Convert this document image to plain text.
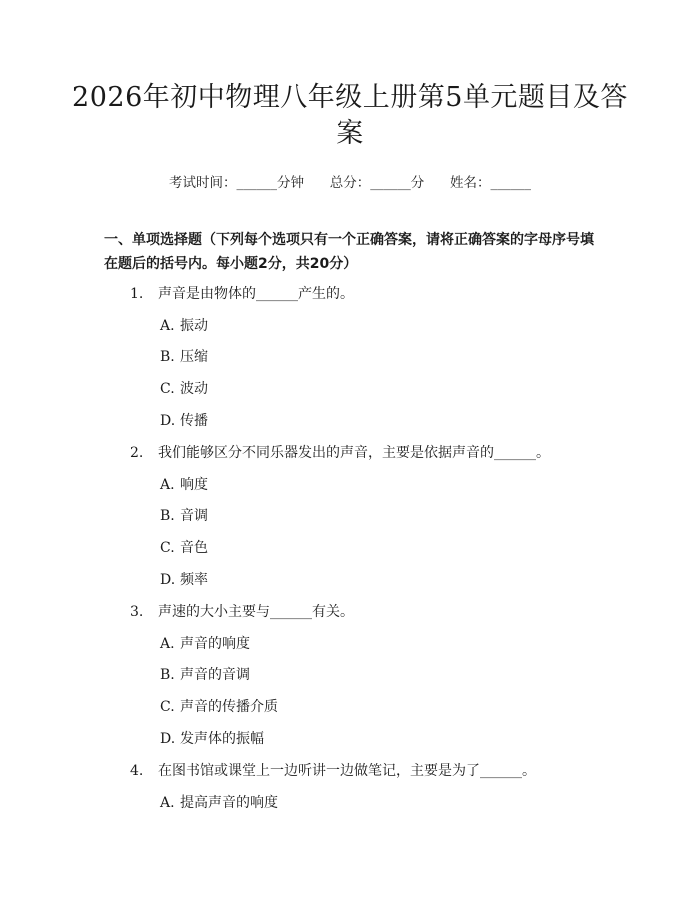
2026年初中物理八年级上册第5单元题目及答案
考试时间：______分钟      总分：______分      姓名：______
一、单项选择题（下列每个选项只有一个正确答案，请将正确答案的字母序号填在题后的括号内。每小题2分，共20分）
1. 声音是由物体的______产生的。
A. 振动
B. 压缩
C. 波动
D. 传播
2. 我们能够区分不同乐器发出的声音，主要是依据声音的______。
A. 响度
B. 音调
C. 音色
D. 频率
3. 声速的大小主要与______有关。
A. 声音的响度
B. 声音的音调
C. 声音的传播介质
D. 发声体的振幅
4. 在图书馆或课堂上一边听讲一边做笔记，主要是为了______。
A. 提高声音的响度
